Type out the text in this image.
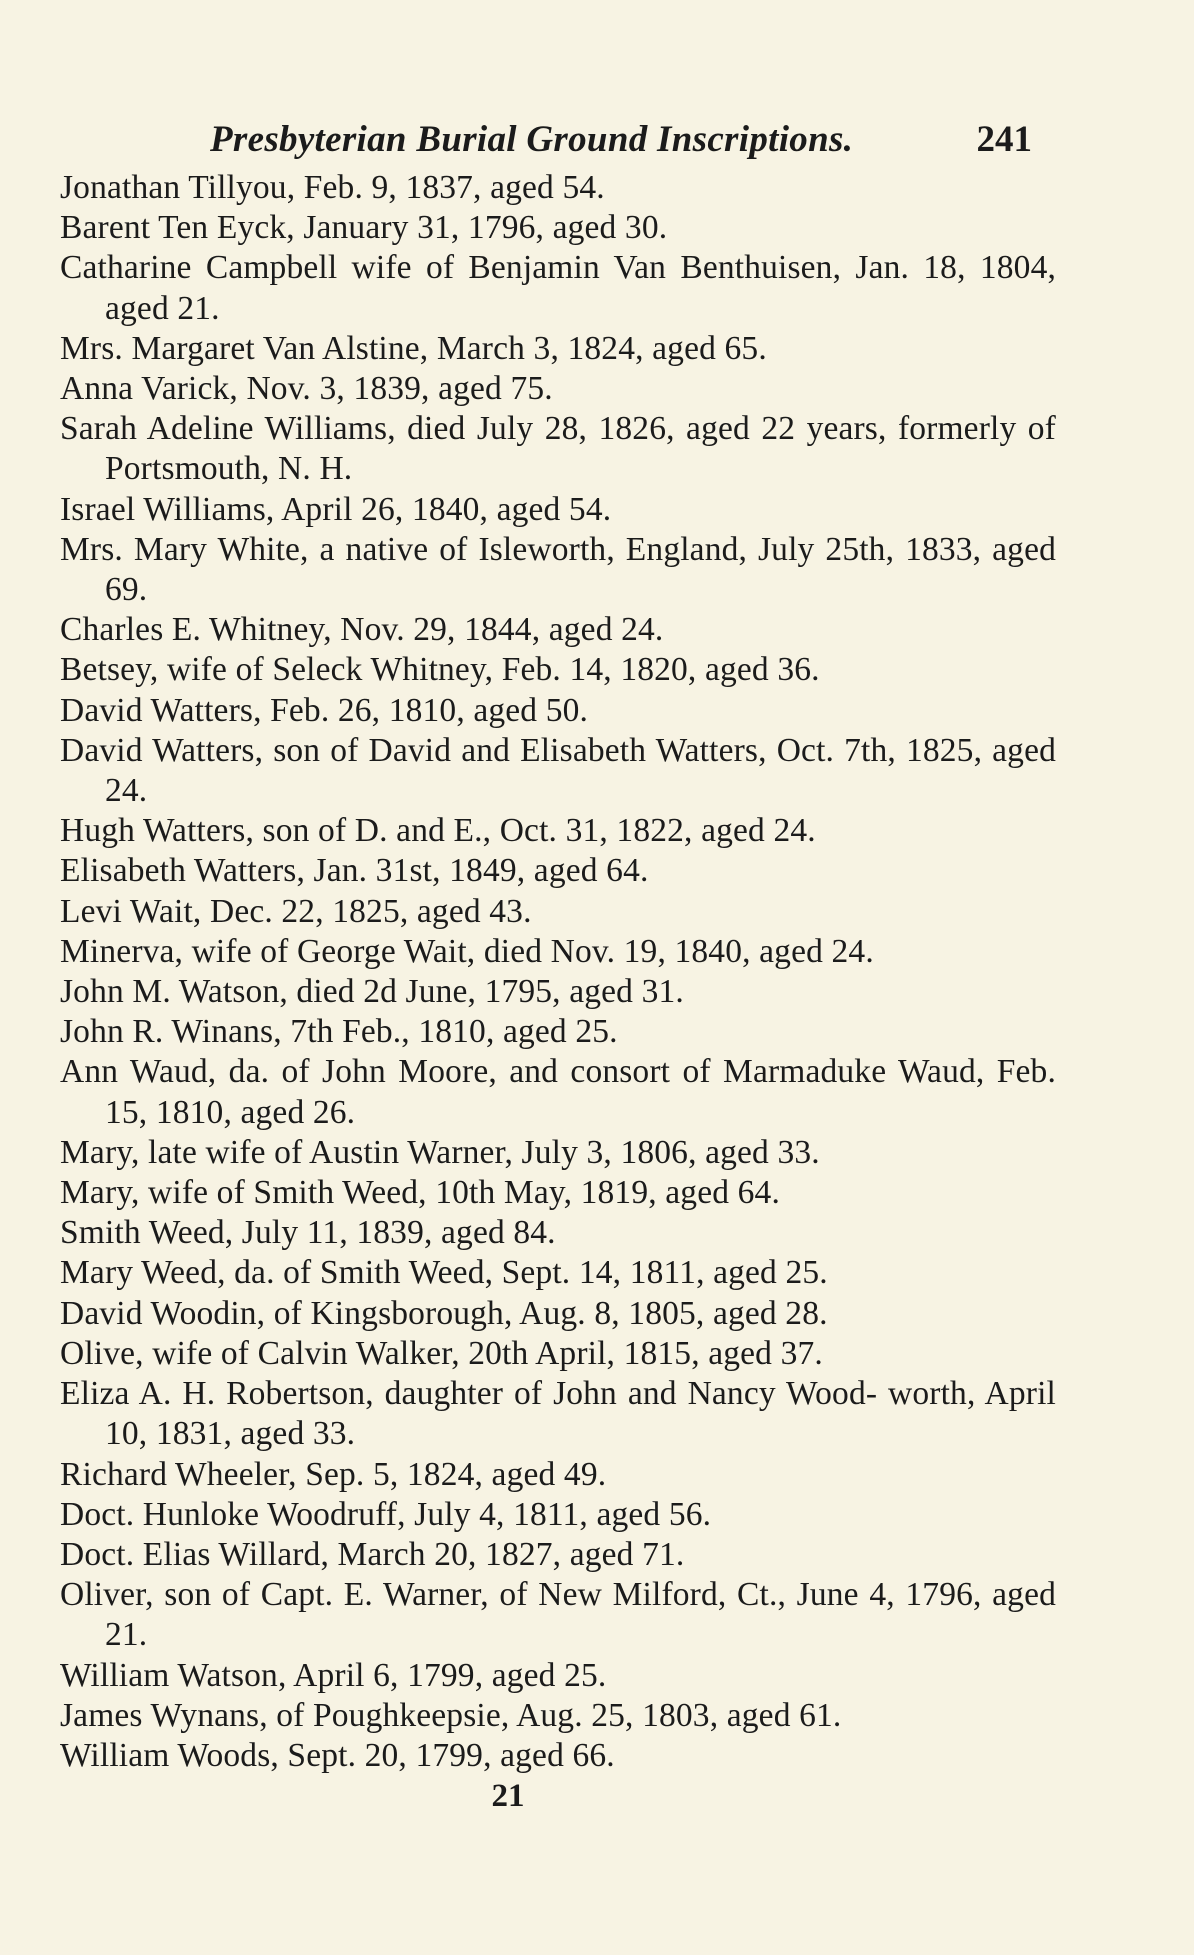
Presbyterian Burial Ground Inscriptions.	241
Jonathan Tillyou, Feb. 9, 1837, aged 54.
Barent Ten Eyck, January 31, 1796, aged 30.
Catharine Campbell wife of Benjamin Van Benthuisen, Jan. 18, 1804, aged 21.
Mrs. Margaret Van Alstine, March 3, 1824, aged 65.
Anna Varick, Nov. 3, 1839, aged 75.
Sarah Adeline Williams, died July 28, 1826, aged 22 years, formerly of Portsmouth, N. H.
Israel Williams, April 26, 1840, aged 54.
Mrs. Mary White, a native of Isleworth, England, July 25th, 1833, aged 69.
Charles E. Whitney, Nov. 29, 1844, aged 24.
Betsey, wife of Seleck Whitney, Feb. 14, 1820, aged 36.
David Watters, Feb. 26, 1810, aged 50.
David Watters, son of David and Elisabeth Watters, Oct. 7th, 1825, aged 24.
Hugh Watters, son of D. and E., Oct. 31, 1822, aged 24.
Elisabeth Watters, Jan. 31st, 1849, aged 64.
Levi Wait, Dec. 22, 1825, aged 43.
Minerva, wife of George Wait, died Nov. 19, 1840, aged 24.
John M. Watson, died 2d June, 1795, aged 31.
John R. Winans, 7th Feb., 1810, aged 25.
Ann Waud, da. of John Moore, and consort of Marmaduke Waud, Feb. 15, 1810, aged 26.
Mary, late wife of Austin Warner, July 3, 1806, aged 33.
Mary, wife of Smith Weed, 10th May, 1819, aged 64.
Smith Weed, July 11, 1839, aged 84.
Mary Weed, da. of Smith Weed, Sept. 14, 1811, aged 25.
David Woodin, of Kingsborough, Aug. 8, 1805, aged 28.
Olive, wife of Calvin Walker, 20th April, 1815, aged 37.
Eliza A. H. Robertson, daughter of John and Nancy Wood- worth, April 10, 1831, aged 33.
Richard Wheeler, Sep. 5, 1824, aged 49.
Doct. Hunloke Woodruff, July 4, 1811, aged 56.
Doct. Elias Willard, March 20, 1827, aged 71.
Oliver, son of Capt. E. Warner, of New Milford, Ct., June 4, 1796, aged 21.
William Watson, April 6, 1799, aged 25.
James Wynans, of Poughkeepsie, Aug. 25, 1803, aged 61.
William Woods, Sept. 20, 1799, aged 66.
21
